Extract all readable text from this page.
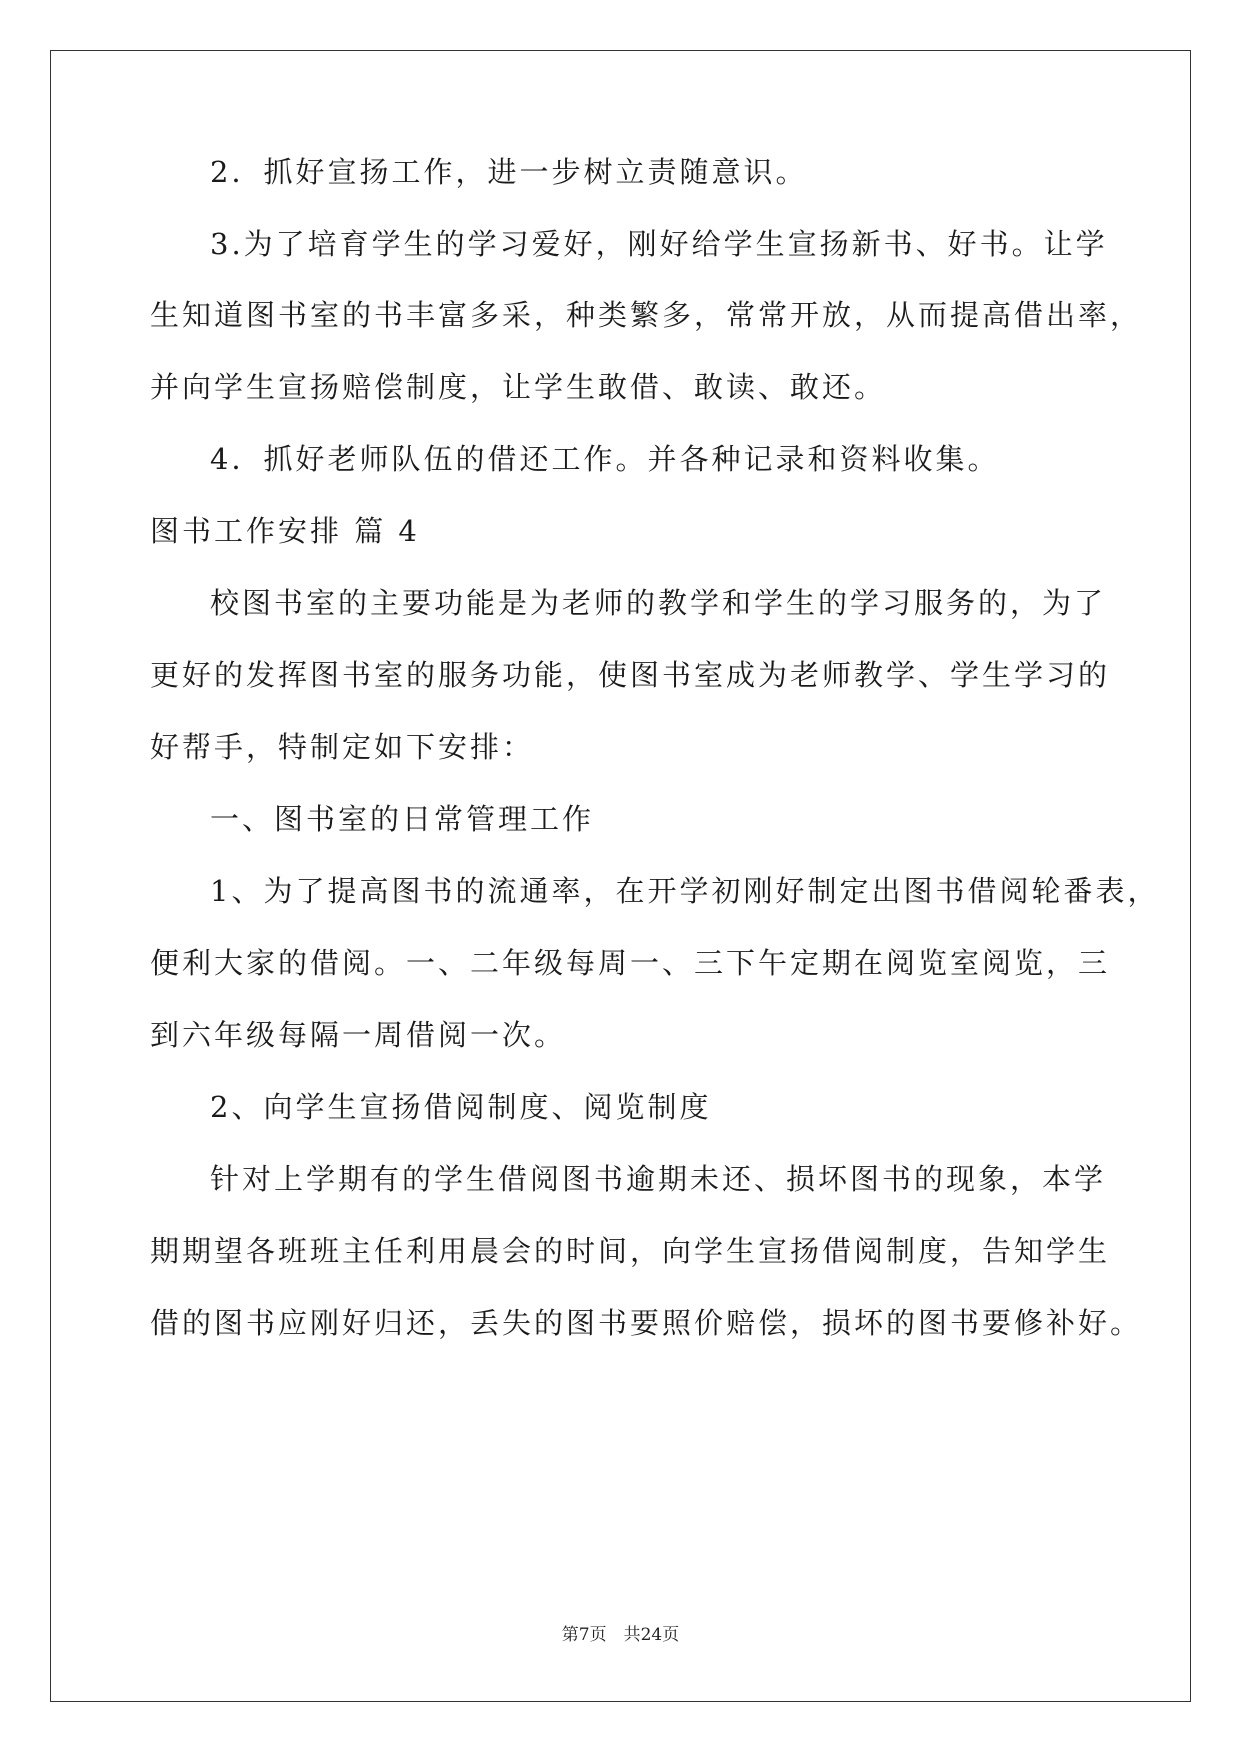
2．抓好宣扬工作，进一步树立责随意识。
3.为了培育学生的学习爱好，刚好给学生宣扬新书、好书。让学
生知道图书室的书丰富多采，种类繁多，常常开放，从而提高借出率，
并向学生宣扬赔偿制度，让学生敢借、敢读、敢还。
4．抓好老师队伍的借还工作。并各种记录和资料收集。
图书工作安排 篇 4
校图书室的主要功能是为老师的教学和学生的学习服务的，为了
更好的发挥图书室的服务功能，使图书室成为老师教学、学生学习的
好帮手，特制定如下安排：
一、图书室的日常管理工作
1、为了提高图书的流通率，在开学初刚好制定出图书借阅轮番表，
便利大家的借阅。一、二年级每周一、三下午定期在阅览室阅览，三
到六年级每隔一周借阅一次。
2、向学生宣扬借阅制度、阅览制度
针对上学期有的学生借阅图书逾期未还、损坏图书的现象，本学
期期望各班班主任利用晨会的时间，向学生宣扬借阅制度，告知学生
借的图书应刚好归还，丢失的图书要照价赔偿，损坏的图书要修补好。
第7页　共24页
